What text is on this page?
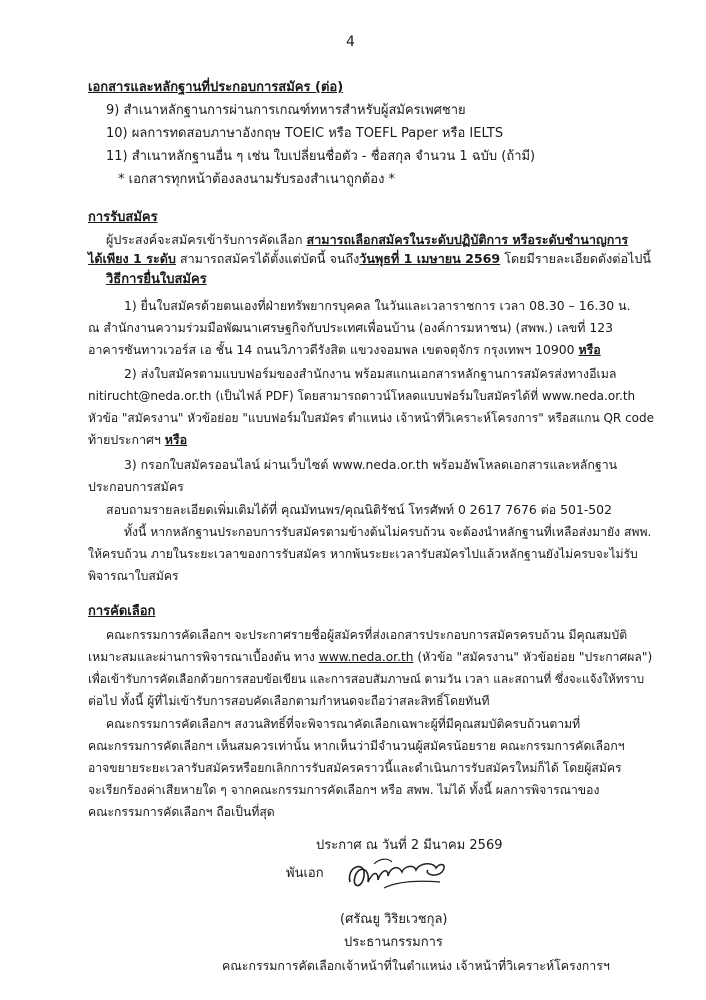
4
เอกสารและหลักฐานที่ประกอบการสมัคร (ต่อ)
9) สำเนาหลักฐานการผ่านการเกณฑ์ทหารสำหรับผู้สมัครเพศชาย
10) ผลการทดสอบภาษาอังกฤษ TOEIC หรือ TOEFL Paper หรือ IELTS
11) สำเนาหลักฐานอื่น ๆ เช่น ใบเปลี่ยนชื่อตัว - ชื่อสกุล จำนวน 1 ฉบับ (ถ้ามี)
* เอกสารทุกหน้าต้องลงนามรับรองสำเนาถูกต้อง *
การรับสมัคร
ผู้ประสงค์จะสมัครเข้ารับการคัดเลือก สามารถเลือกสมัครในระดับปฏิบัติการ หรือระดับชำนาญการ
ได้เพียง 1 ระดับ สามารถสมัครได้ตั้งแต่บัดนี้ จนถึงวันพุธที่ 1 เมษายน 2569 โดยมีรายละเอียดดังต่อไปนี้
วิธีการยื่นใบสมัคร
1) ยื่นใบสมัครด้วยตนเองที่ฝ่ายทรัพยากรบุคคล ในวันและเวลาราชการ เวลา 08.30 – 16.30 น.
ณ สำนักงานความร่วมมือพัฒนาเศรษฐกิจกับประเทศเพื่อนบ้าน (องค์การมหาชน) (สพพ.) เลขที่ 123
อาคารซันทาวเวอร์ส เอ ชั้น 14 ถนนวิภาวดีรังสิต แขวงจอมพล เขตจตุจักร กรุงเทพฯ 10900 หรือ
2) ส่งใบสมัครตามแบบฟอร์มของสำนักงาน พร้อมสแกนเอกสารหลักฐานการสมัครส่งทางอีเมล
nitirucht@neda.or.th (เป็นไฟล์ PDF) โดยสามารถดาวน์โหลดแบบฟอร์มใบสมัครได้ที่ www.neda.or.th
หัวข้อ "สมัครงาน" หัวข้อย่อย "แบบฟอร์มใบสมัคร ตำแหน่ง เจ้าหน้าที่วิเคราะห์โครงการ" หรือสแกน QR code
ท้ายประกาศฯ หรือ
3) กรอกใบสมัครออนไลน์ ผ่านเว็บไซต์ www.neda.or.th พร้อมอัพโหลดเอกสารและหลักฐาน
ประกอบการสมัคร
สอบถามรายละเอียดเพิ่มเติมได้ที่ คุณมัทนพร/คุณนิติรัชน์ โทรศัพท์ 0 2617 7676 ต่อ 501-502
ทั้งนี้ หากหลักฐานประกอบการรับสมัครตามข้างต้นไม่ครบถ้วน จะต้องนำหลักฐานที่เหลือส่งมายัง สพพ.
ให้ครบถ้วน ภายในระยะเวลาของการรับสมัคร หากพ้นระยะเวลารับสมัครไปแล้วหลักฐานยังไม่ครบจะไม่รับ
พิจารณาใบสมัคร
การคัดเลือก
คณะกรรมการคัดเลือกฯ จะประกาศรายชื่อผู้สมัครที่ส่งเอกสารประกอบการสมัครครบถ้วน มีคุณสมบัติ
เหมาะสมและผ่านการพิจารณาเบื้องต้น ทาง www.neda.or.th (หัวข้อ "สมัครงาน" หัวข้อย่อย "ประกาศผล")
เพื่อเข้ารับการคัดเลือกด้วยการสอบข้อเขียน และการสอบสัมภาษณ์ ตามวัน เวลา และสถานที่ ซึ่งจะแจ้งให้ทราบ
ต่อไป ทั้งนี้ ผู้ที่ไม่เข้ารับการสอบคัดเลือกตามกำหนดจะถือว่าสละสิทธิ์โดยทันที
คณะกรรมการคัดเลือกฯ สงวนสิทธิ์ที่จะพิจารณาคัดเลือกเฉพาะผู้ที่มีคุณสมบัติครบถ้วนตามที่
คณะกรรมการคัดเลือกฯ เห็นสมควรเท่านั้น หากเห็นว่ามีจำนวนผู้สมัครน้อยราย คณะกรรมการคัดเลือกฯ
อาจขยายระยะเวลารับสมัครหรือยกเลิกการรับสมัครคราวนี้และดำเนินการรับสมัครใหม่ก็ได้ โดยผู้สมัคร
จะเรียกร้องค่าเสียหายใด ๆ จากคณะกรรมการคัดเลือกฯ หรือ สพพ. ไม่ได้ ทั้งนี้ ผลการพิจารณาของ
คณะกรรมการคัดเลือกฯ ถือเป็นที่สุด
ประกาศ ณ วันที่ 2 มีนาคม 2569
พันเอก
(ศรัณยู วิริยเวชกุล)
ประธานกรรมการ
คณะกรรมการคัดเลือกเจ้าหน้าที่ในตำแหน่ง เจ้าหน้าที่วิเคราะห์โครงการฯ
